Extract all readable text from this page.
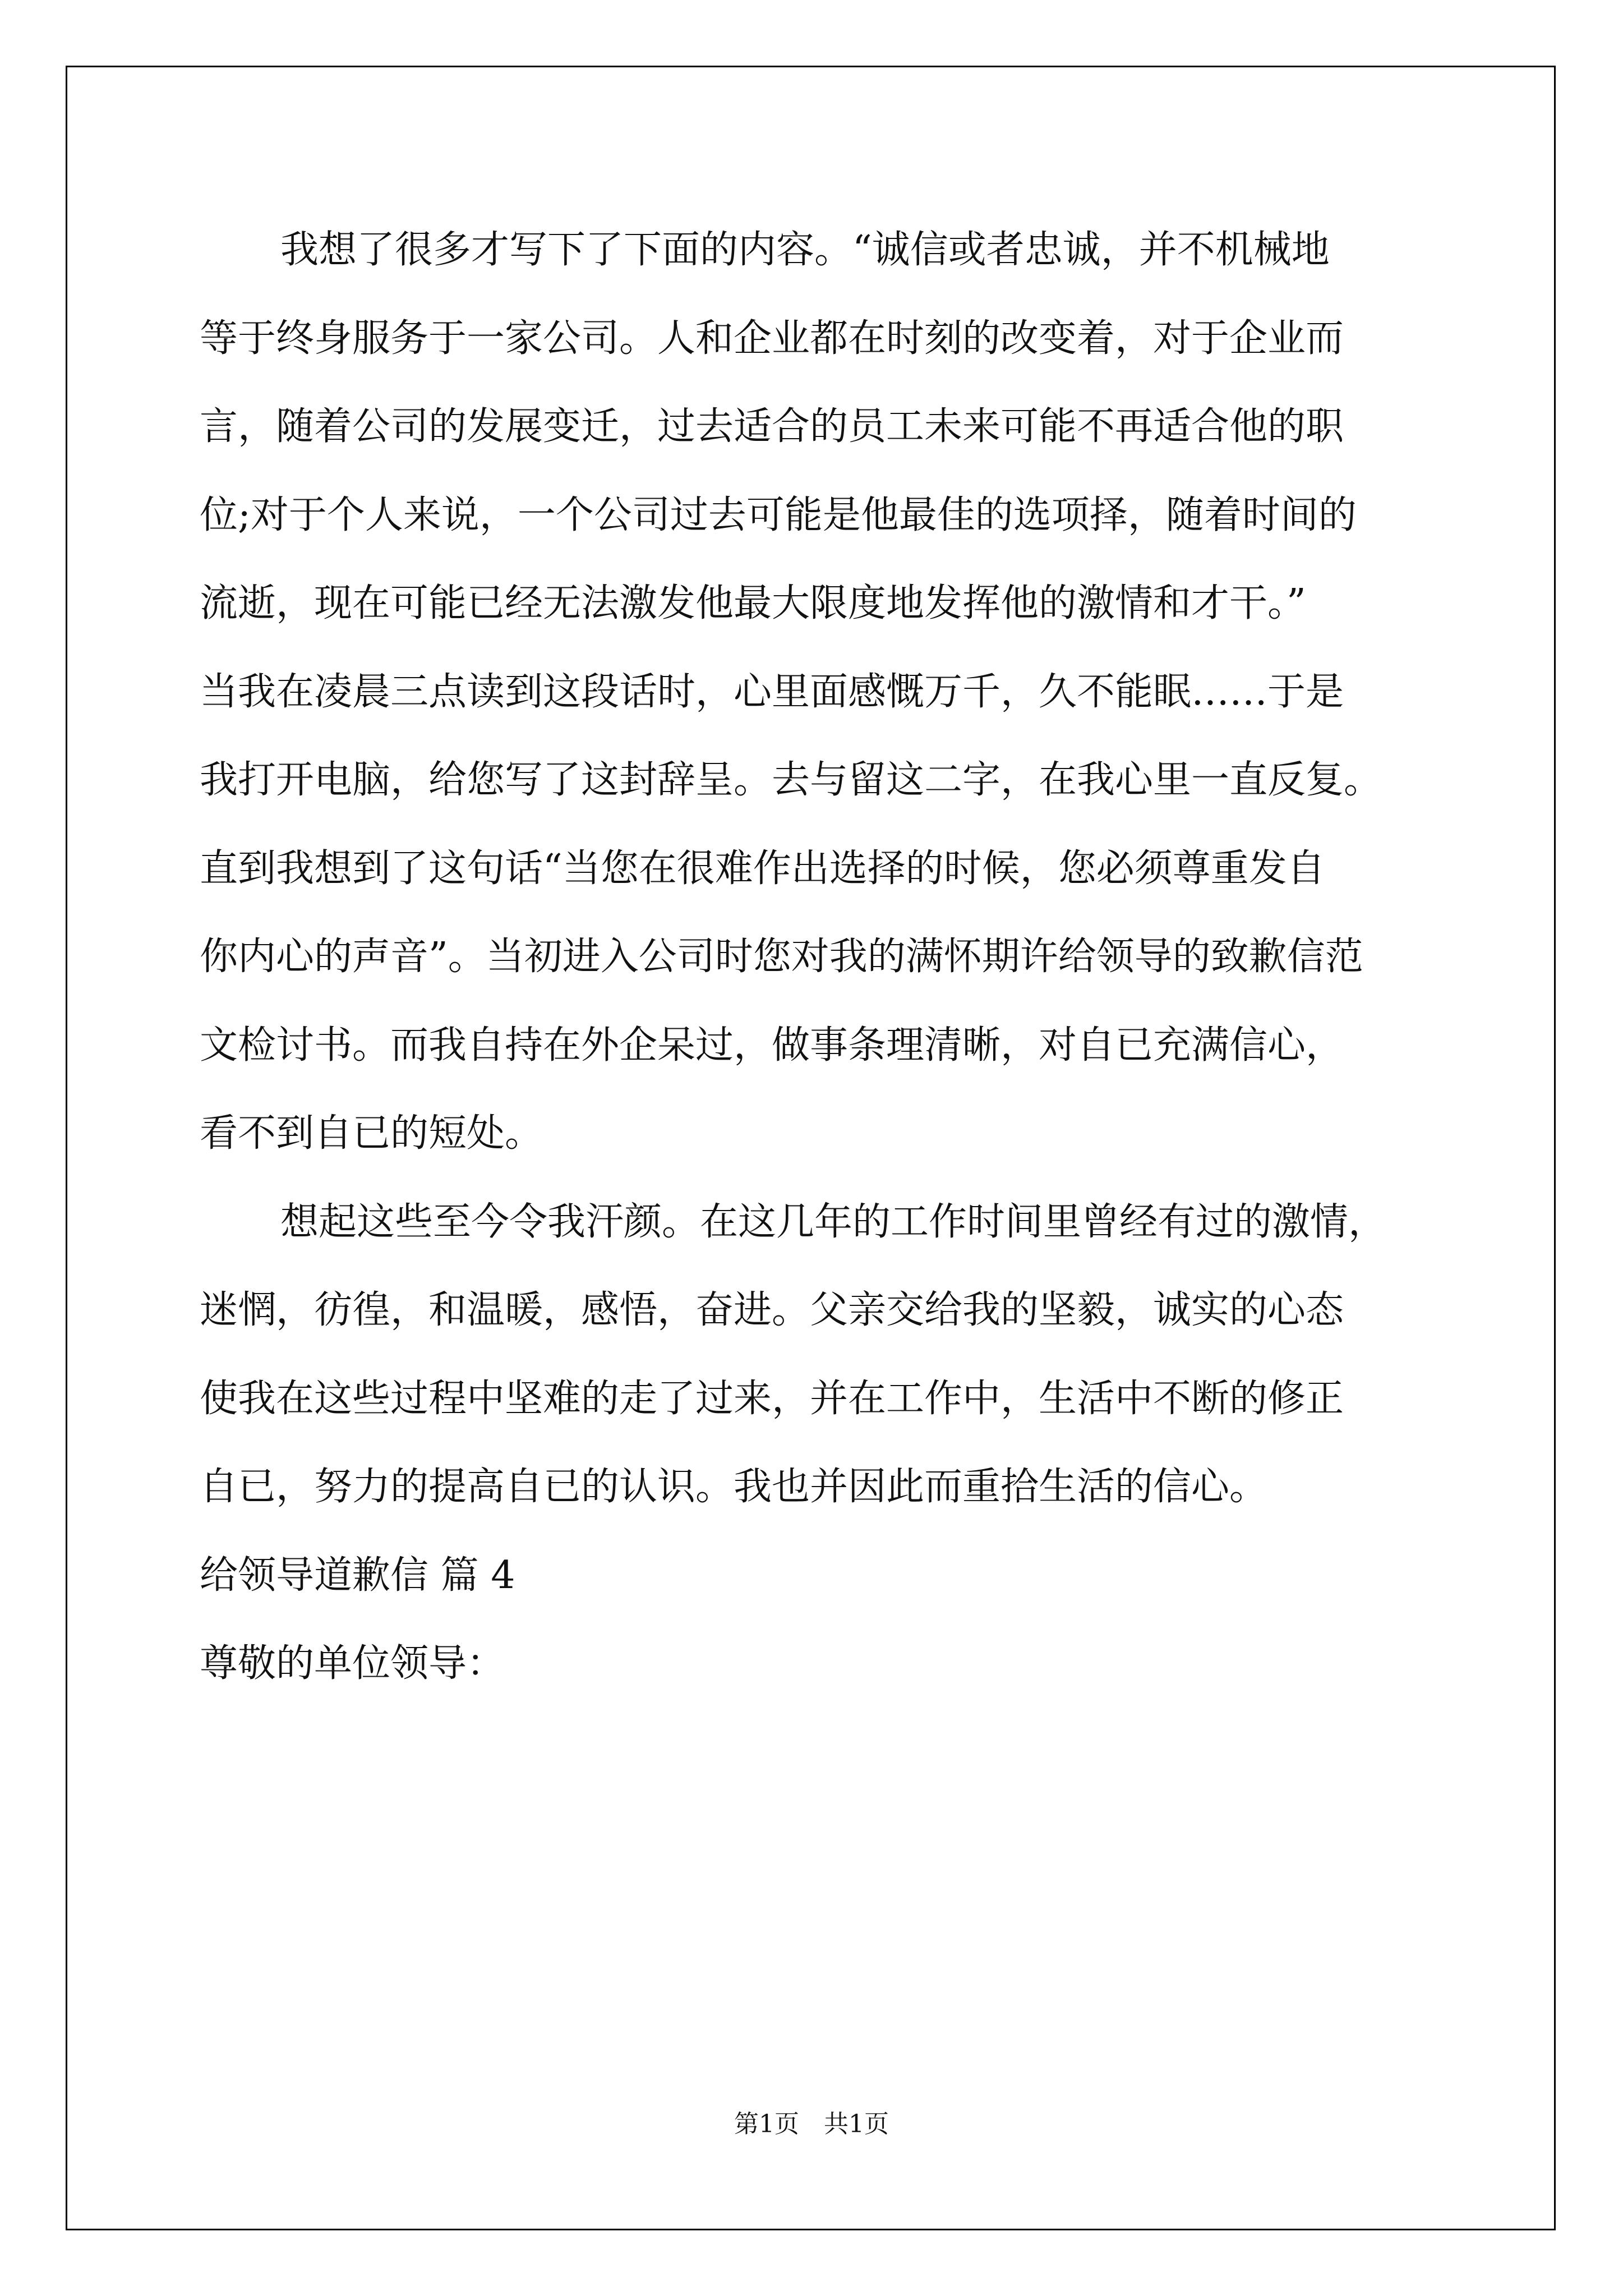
我想了很多才写下了下面的内容。“诚信或者忠诚，并不机械地
等于终身服务于一家公司。人和企业都在时刻的改变着，对于企业而
言，随着公司的发展变迁，过去适合的员工未来可能不再适合他的职
位;对于个人来说，一个公司过去可能是他最佳的选项择，随着时间的
流逝，现在可能已经无法激发他最大限度地发挥他的激情和才干。”
当我在凌晨三点读到这段话时，心里面感慨万千，久不能眠……于是
我打开电脑，给您写了这封辞呈。去与留这二字，在我心里一直反复。
直到我想到了这句话“当您在很难作出选择的时候，您必须尊重发自
你内心的声音”。当初进入公司时您对我的满怀期许给领导的致歉信范
文检讨书。而我自持在外企呆过，做事条理清晰，对自已充满信心，
看不到自已的短处。
想起这些至今令我汗颜。在这几年的工作时间里曾经有过的激情，
迷惘，彷徨，和温暖，感悟，奋进。父亲交给我的坚毅，诚实的心态
使我在这些过程中坚难的走了过来，并在工作中，生活中不断的修正
自已，努力的提高自已的认识。我也并因此而重拾生活的信心。
给领导道歉信 篇 4
尊敬的单位领导：
第1页　共1页
